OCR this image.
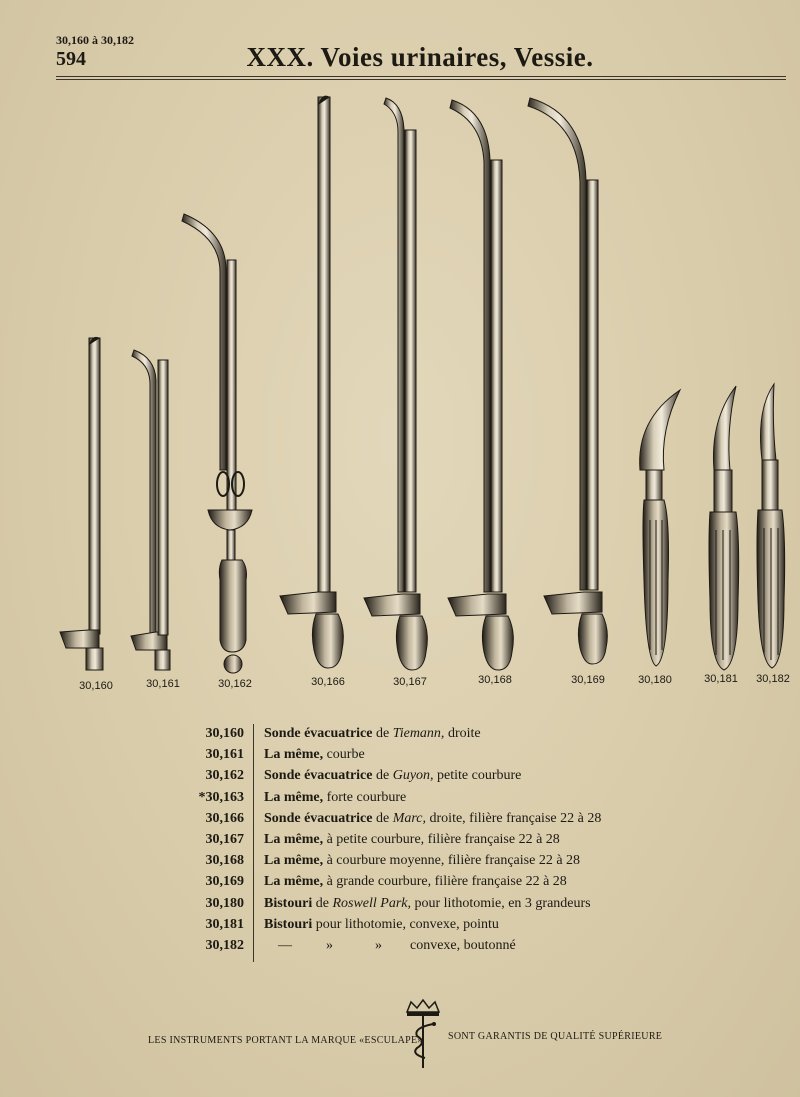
30,160 à 30,182
594	XXX. Voies urinaires, Vessie.
30,160	30,161	30,162	30,166	30,167	30,168	30,169	30,180	30,181 30,182
30,160 Sonde évacuatrice de Tiemann, droite
30,161 La même, courbe
30,162 Sonde évacuatrice de Guyon, petite courbure
*30,163 La même, forte courbure
30,166 Sonde évacuatrice de Marc, droite, filière française 22 à 28
30,167 La même, à petite courbure, filière française 22 à 28
30,168 La même, à courbure moyenne, filière française 22 à 28
30,169 La même, à grande courbure, filière française 22 à 28
30,180 Bistouri de Roswell Park, pour lithotomie, en 3 grandeurs
30,181 Bistouri pour lithotomie, convexe, pointu
30,182	— »	» convexe, boutonné
LES INSTRUMENTS PORTANT LA MARQUE «ESCULAPE»	SONT GARANTIS DE QUALITÉ SUPÉRIEURE
